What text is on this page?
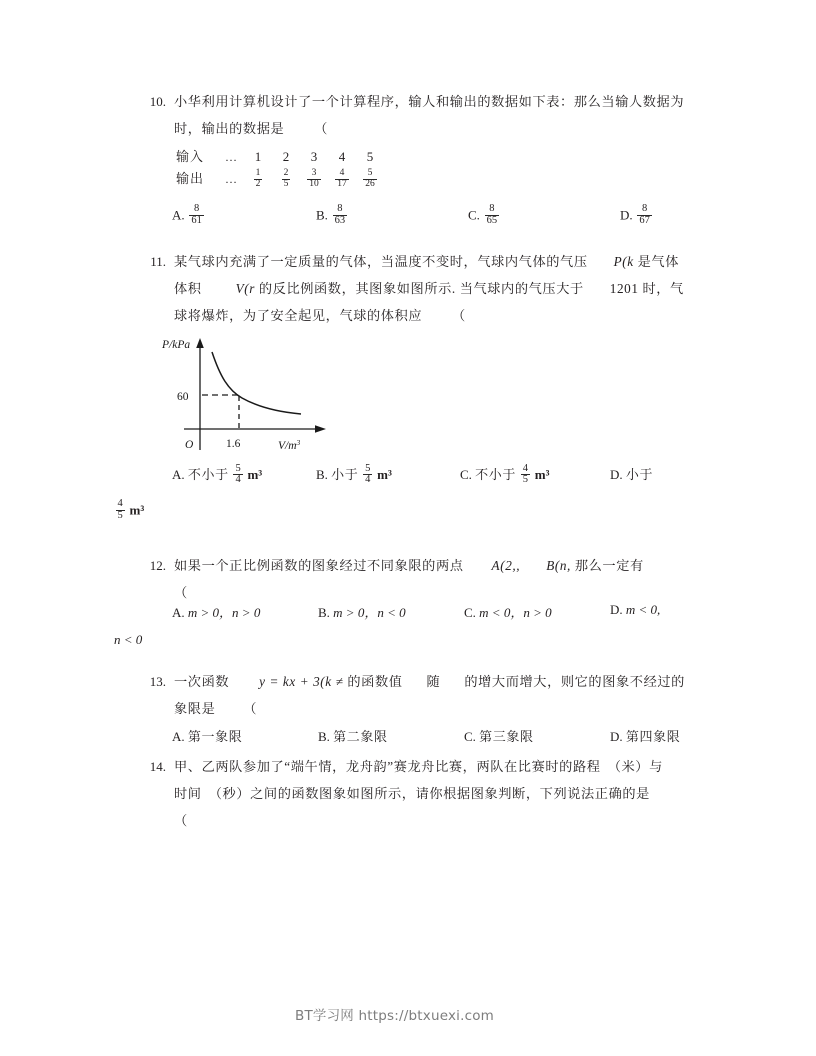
10. 小华利用计算机设计了一个计算程序，输人和输出的数据如下表：那么当输人数据为
时，输出的数据是 （
输入 … 1 2 3 4 5
输出 … $\frac{1}{2} \frac{2}{5} \frac{3}{10} \frac{4}{17} \frac{5}{26}$
A. $\frac{8}{61}$	B. $\frac{8}{63}$	C. $\frac{8}{65}$	D. $\frac{8}{67}$
11. 某气球内充满了一定质量的气体，当温度不变时，气球内气体的气压 P(k 是气体
体积	V(r 的反比例函数，其图象如图所示. 当气球内的气压大于 1201 时，气
球将爆炸，为了安全起见，气球的体积应 （
P/kPa
60
O	1.6	$V/m^3$
A. 不小于 $\frac{5}{4} m^3$	B. 小于 $\frac{5}{4} m^3$	C. 不小于 $\frac{4}{5} m^3$	D. 小于
$\frac{4}{5} m^3$
12. 如果一个正比例函数的图象经过不同象限的两点 A(2,, B(n, 那么一定有
（
A. m > 0，n > 0	B. m > 0，n < 0	C. m < 0，n > 0	D. m < 0,
n < 0
13. 一次函数 y = kx + 3(k ≠ 的函数值 随 的增大而增大，则它的图象不经过的
象限是 （
A. 第一象限	B. 第二象限	C. 第三象限	D. 第四象限
14. 甲、乙两队参加了“端午情，龙舟韵”赛龙舟比赛，两队在比赛时的路程　（米）与
时间　（秒）之间的函数图象如图所示，请你根据图象判断，下列说法正确的是
（
BT学习网 https://btxuexi.com
